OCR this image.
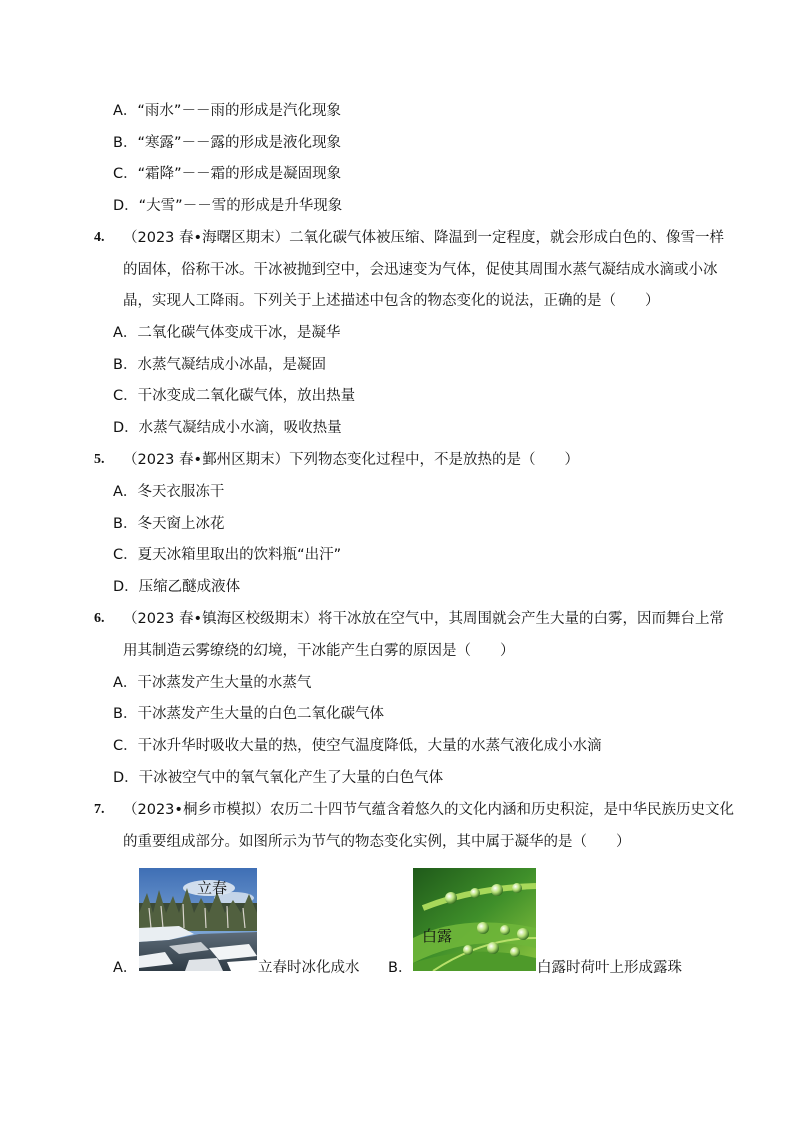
A．“雨水”－－雨的形成是汽化现象
B．“寒露”－－露的形成是液化现象
C．“霜降”－－霜的形成是凝固现象
D．“大雪”－－雪的形成是升华现象
4. （2023 春•海曙区期末）二氧化碳气体被压缩、降温到一定程度，就会形成白色的、像雪一样
的固体，俗称干冰。干冰被抛到空中，会迅速变为气体，促使其周围水蒸气凝结成水滴或小冰
晶，实现人工降雨。下列关于上述描述中包含的物态变化的说法，正确的是（　　）
A．二氧化碳气体变成干冰，是凝华
B．水蒸气凝结成小冰晶，是凝固
C．干冰变成二氧化碳气体，放出热量
D．水蒸气凝结成小水滴，吸收热量
5. （2023 春•鄞州区期末）下列物态变化过程中，不是放热的是（　　）
A．冬天衣服冻干
B．冬天窗上冰花
C．夏天冰箱里取出的饮料瓶“出汗”
D．压缩乙醚成液体
6. （2023 春•镇海区校级期末）将干冰放在空气中，其周围就会产生大量的白雾，因而舞台上常
用其制造云雾缭绕的幻境，干冰能产生白雾的原因是（　　）
A．干冰蒸发产生大量的水蒸气
B．干冰蒸发产生大量的白色二氧化碳气体
C．干冰升华时吸收大量的热，使空气温度降低，大量的水蒸气液化成小水滴
D．干冰被空气中的氧气氧化产生了大量的白色气体
7. （2023•桐乡市模拟）农历二十四节气蕴含着悠久的文化内涵和历史积淀，是中华民族历史文化
的重要组成部分。如图所示为节气的物态变化实例，其中属于凝华的是（　　）
A．
立春
立春时冰化成水 B．
白露
白露时荷叶上形成露珠
